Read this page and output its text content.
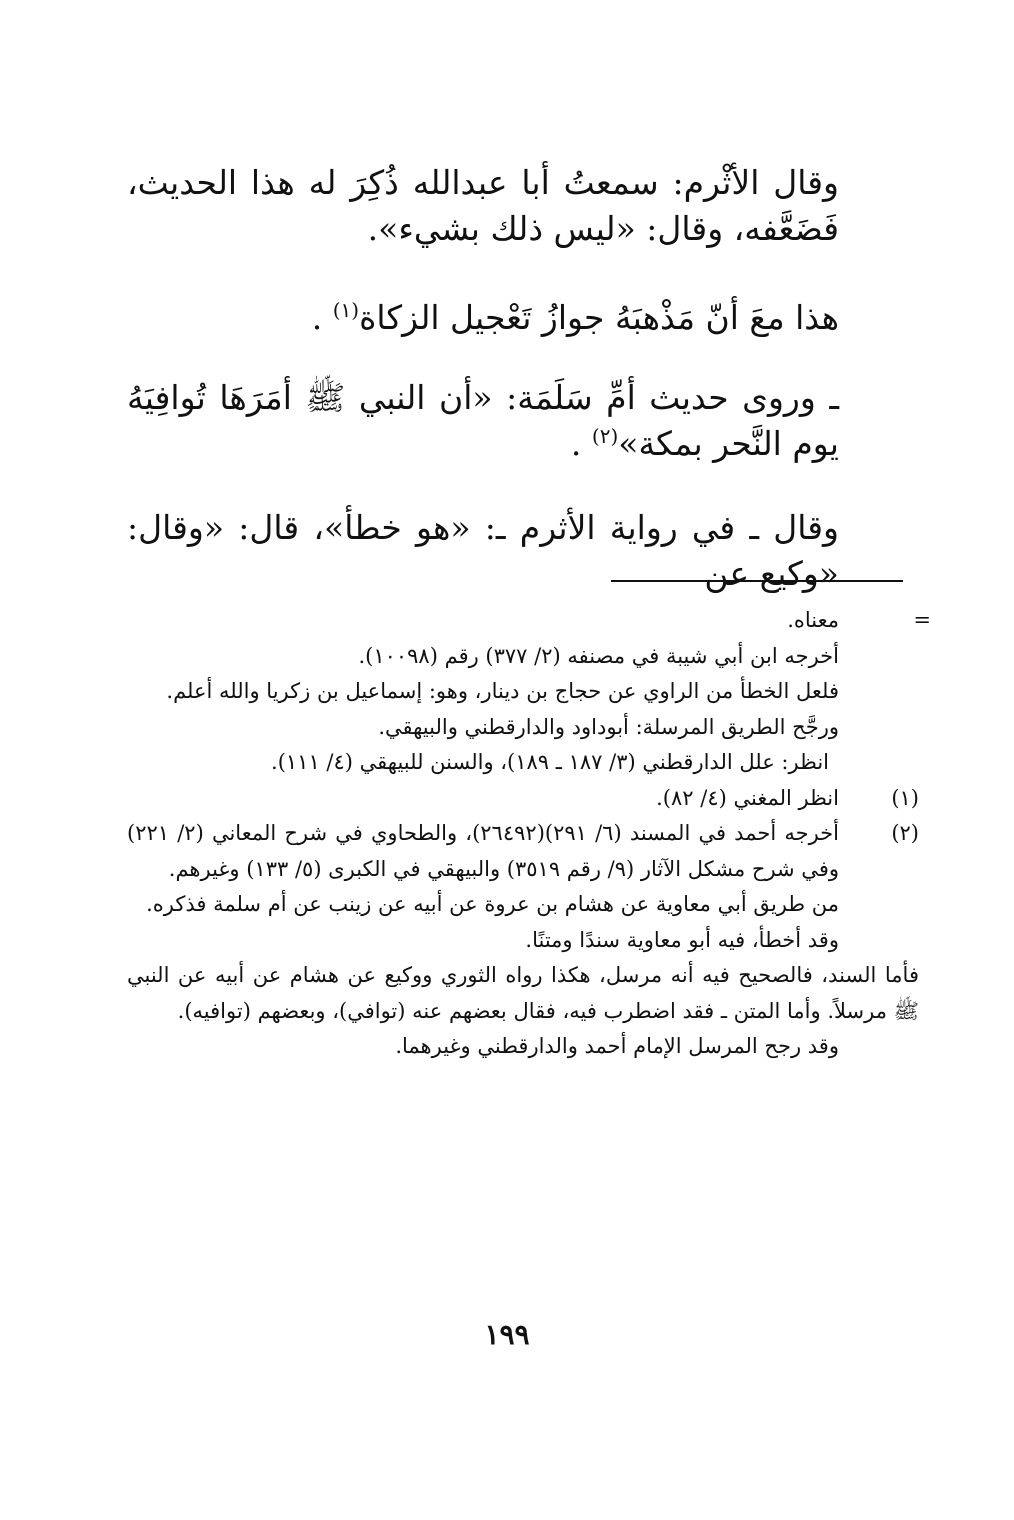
وقال الأثْرم: سمعتُ أبا عبدالله ذُكِرَ له هذا الحديث، فَضَعَّفه، وقال: «ليس ذلك بشيء».

هذا معَ أنّ مَذْهبَهُ جوازُ تَعْجيل الزكاة$^{(١)}$ .

ـ وروى حديث أمِّ سَلَمَة: «أن النبي ﷺ أمَرَهَا تُوافِيَهُ يوم النَّحر بمكة»$^{(٢)}$ .

وقال ـ في رواية الأثرم ـ: «هو خطأ»، قال: «وقال: «وكيع عن

=
معناه.

أخرجه ابن أبي شيبة في مصنفه (٢/ ٣٧٧) رقم (١٠٠٩٨).

فلعل الخطأ من الراوي عن حجاج بن دينار، وهو: إسماعيل بن زكريا والله أعلم.

ورجَّح الطريق المرسلة: أبوداود والدارقطني والبيهقي.

انظر: علل الدارقطني (٣/ ١٨٧ ـ ١٨٩)، والسنن للبيهقي (٤/ ١١١).

(١)
انظر المغني (٤/ ٨٢).

(٢)
أخرجه أحمد في المسند (٦/ ٢٩١)(٢٦٤٩٢)، والطحاوي في شرح المعاني (٢/ ٢٢١) وفي شرح مشكل الآثار (٩/ رقم ٣٥١٩) والبيهقي في الكبرى (٥/ ١٣٣) وغيرهم.

من طريق أبي معاوية عن هشام بن عروة عن أبيه عن زينب عن أم سلمة فذكره.

وقد أخطأ، فيه أبو معاوية سندًا ومتنًا.

فأما السند، فالصحيح فيه أنه مرسل، هكذا رواه الثوري ووكيع عن هشام عن أبيه عن النبي ﷺ مرسلاً. وأما المتن ـ فقد اضطرب فيه، فقال بعضهم عنه (توافي)، وبعضهم (توافيه).

وقد رجح المرسل الإمام أحمد والدارقطني وغيرهما.

١٩٩
